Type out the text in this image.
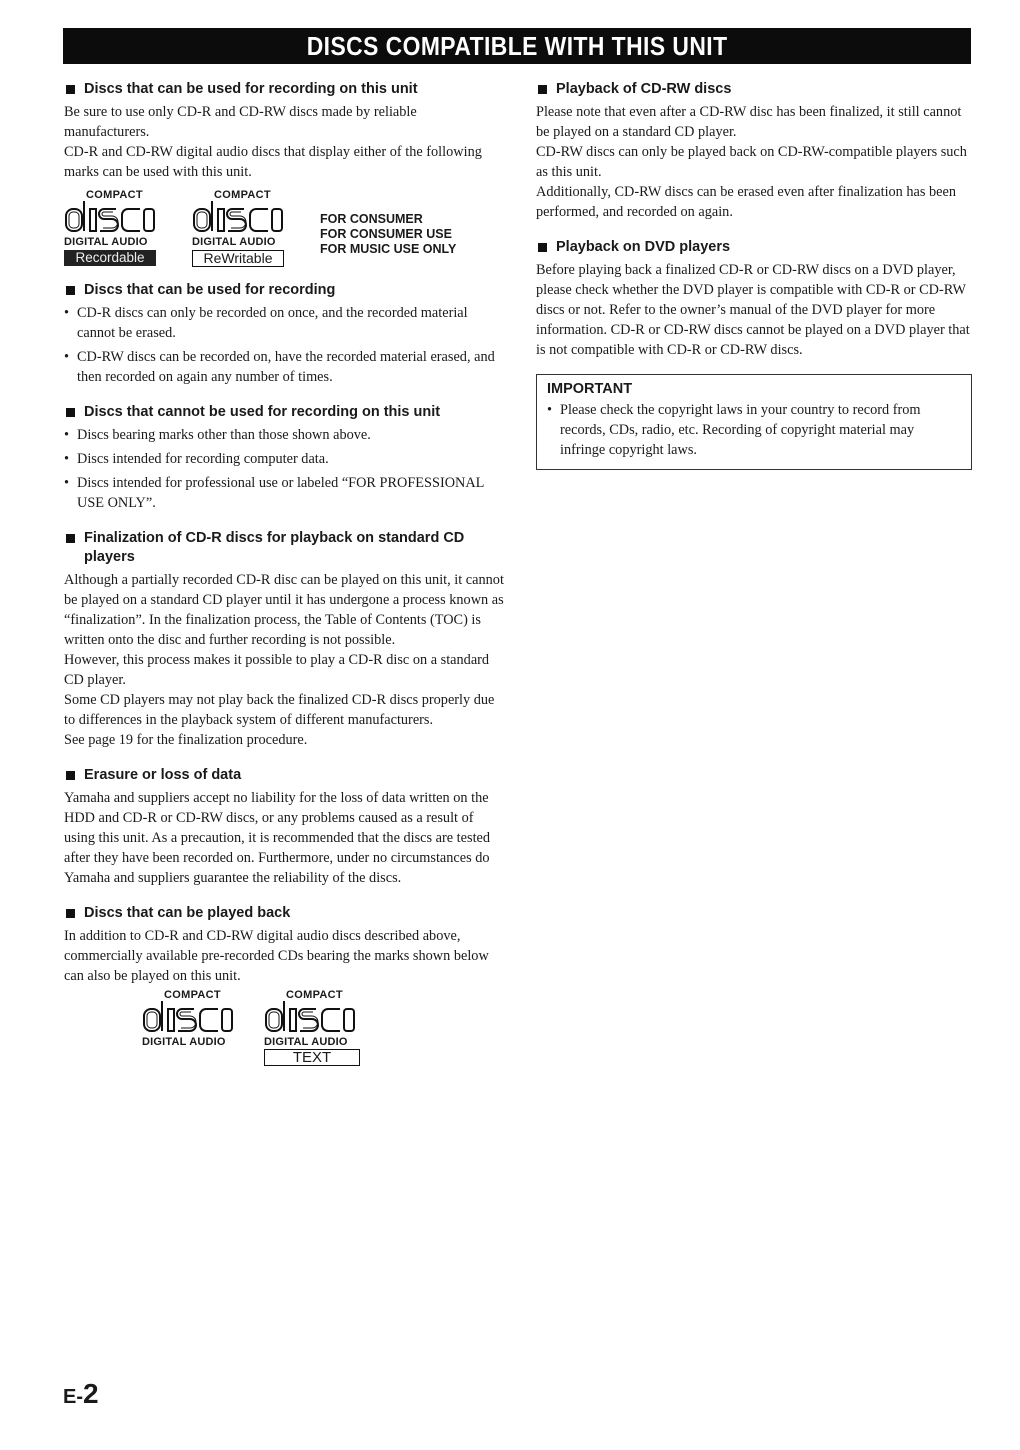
DISCS COMPATIBLE WITH THIS UNIT
Discs that can be used for recording on this unit

Be sure to use only CD-R and CD-RW discs made by reliable manufacturers.

CD-R and CD-RW digital audio discs that display either of the following marks can be used with this unit.

COMPACT
DIGITAL AUDIO
Recordable
COMPACT
DIGITAL AUDIO
ReWritable
FOR CONSUMER
FOR CONSUMER USE
FOR MUSIC USE ONLY
Discs that can be used for recording

• CD-R discs can only be recorded on once, and the recorded material cannot be erased.

• CD-RW discs can be recorded on, have the recorded material erased, and then recorded on again any number of times.

Discs that cannot be used for recording on this unit

• Discs bearing marks other than those shown above.

• Discs intended for recording computer data.

• Discs intended for professional use or labeled “FOR PROFESSIONAL USE ONLY”.

Finalization of CD-R discs for playback on standard CD players

Although a partially recorded CD-R disc can be played on this unit, it cannot be played on a standard CD player until it has undergone a process known as “finalization”. In the finalization process, the Table of Contents (TOC) is written onto the disc and further recording is not possible.

However, this process makes it possible to play a CD-R disc on a standard CD player.

Some CD players may not play back the finalized CD-R discs properly due to differences in the playback system of different manufacturers.

See page 19 for the finalization procedure.

Erasure or loss of data

Yamaha and suppliers accept no liability for the loss of data written on the HDD and CD-R or CD-RW discs, or any problems caused as a result of using this unit. As a precaution, it is recommended that the discs are tested after they have been recorded on. Furthermore, under no circumstances do Yamaha and suppliers guarantee the reliability of the discs.

Discs that can be played back

In addition to CD-R and CD-RW digital audio discs described above, commercially available pre-recorded CDs bearing the marks shown below can also be played on this unit.

COMPACT
DIGITAL AUDIO
COMPACT
DIGITAL AUDIO
TEXT
Playback of CD-RW discs

Please note that even after a CD-RW disc has been finalized, it still cannot be played on a standard CD player.

CD-RW discs can only be played back on CD-RW-compatible players such as this unit.

Additionally, CD-RW discs can be erased even after finalization has been performed, and recorded on again.

Playback on DVD players

Before playing back a finalized CD-R or CD-RW discs on a DVD player, please check whether the DVD player is compatible with CD-R or CD-RW discs or not. Refer to the owner’s manual of the DVD player for more information. CD-R or CD-RW discs cannot be played on a DVD player that is not compatible with CD-R or CD-RW discs.

IMPORTANT

• Please check the copyright laws in your country to record from records, CDs, radio, etc. Recording of copyright material may infringe copyright laws.

E-2
